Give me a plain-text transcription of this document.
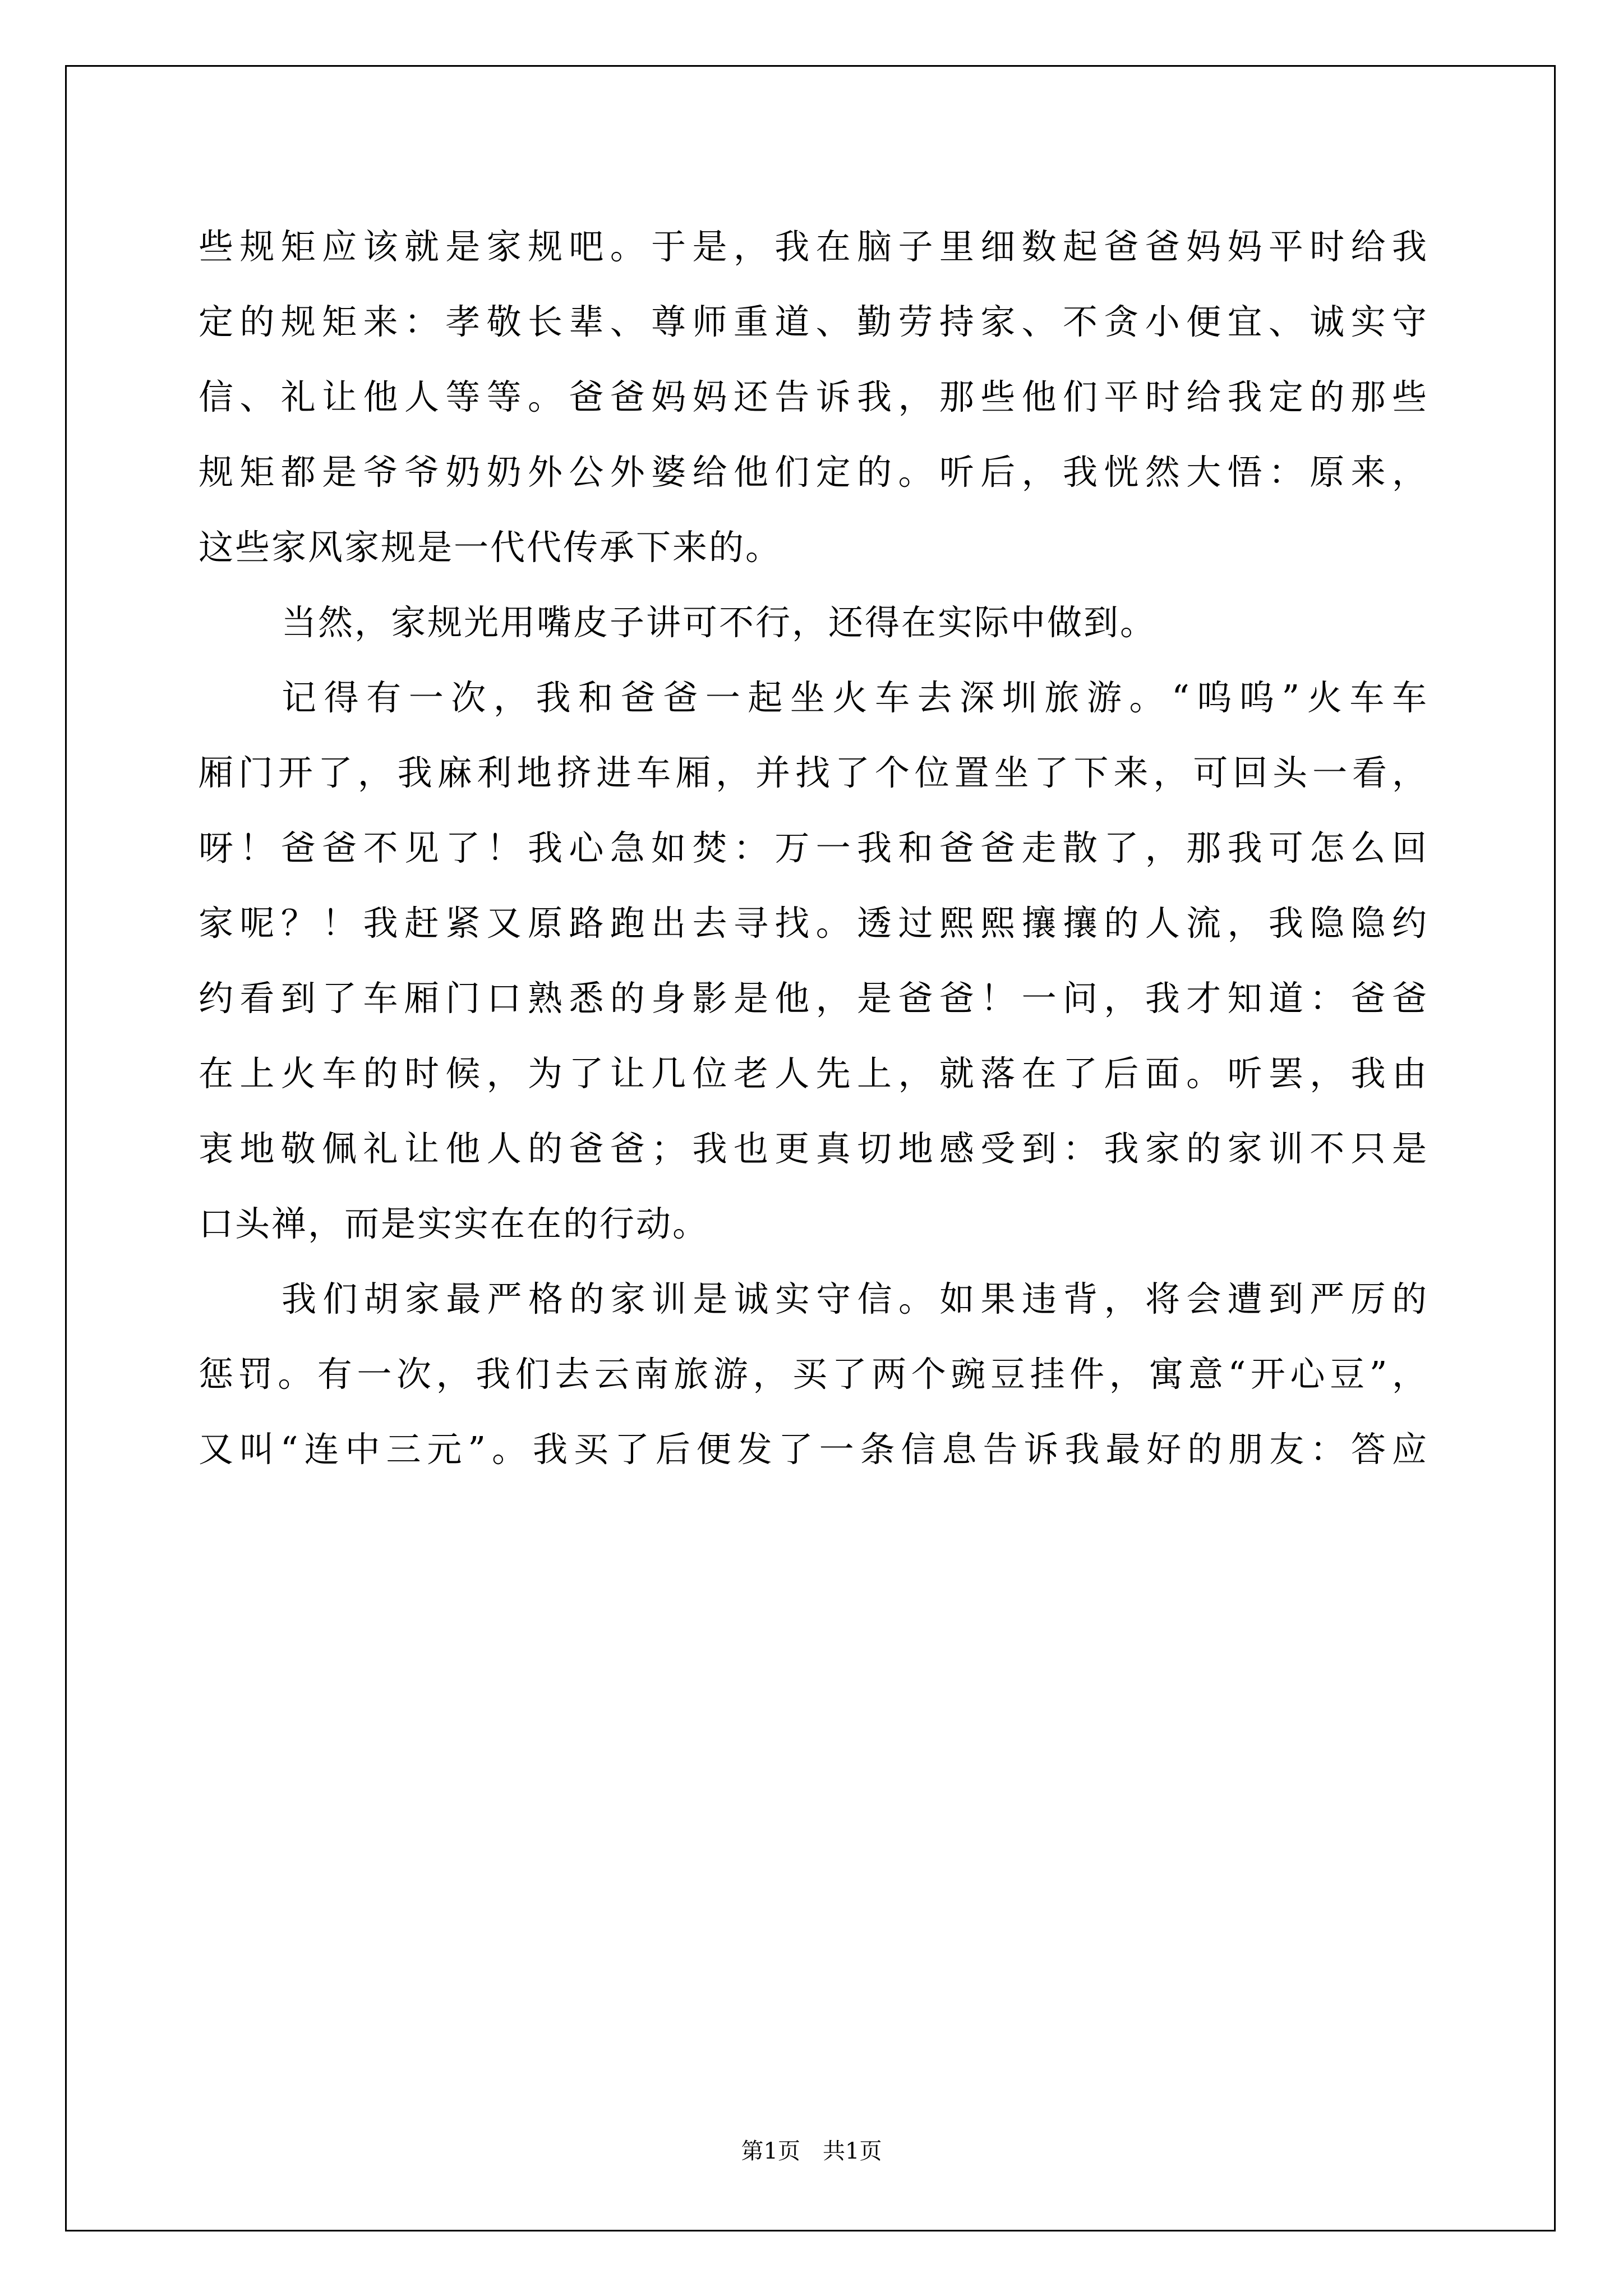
些规矩应该就是家规吧。于是，我在脑子里细数起爸爸妈妈平时给我
定的规矩来：孝敬长辈、尊师重道、勤劳持家、不贪小便宜、诚实守
信、礼让他人等等。爸爸妈妈还告诉我，那些他们平时给我定的那些
规矩都是爷爷奶奶外公外婆给他们定的。听后，我恍然大悟：原来，
这些家风家规是一代代传承下来的。
当然，家规光用嘴皮子讲可不行，还得在实际中做到。
记得有一次，我和爸爸一起坐火车去深圳旅游。“呜呜”火车车
厢门开了，我麻利地挤进车厢，并找了个位置坐了下来，可回头一看，
呀！爸爸不见了！我心急如焚：万一我和爸爸走散了，那我可怎么回
家呢？！我赶紧又原路跑出去寻找。透过熙熙攘攘的人流，我隐隐约
约看到了车厢门口熟悉的身影是他，是爸爸！一问，我才知道：爸爸
在上火车的时候，为了让几位老人先上，就落在了后面。听罢，我由
衷地敬佩礼让他人的爸爸；我也更真切地感受到：我家的家训不只是
口头禅，而是实实在在的行动。
我们胡家最严格的家训是诚实守信。如果违背，将会遭到严厉的
惩罚。有一次，我们去云南旅游，买了两个豌豆挂件，寓意“开心豆”，
又叫“连中三元”。我买了后便发了一条信息告诉我最好的朋友：答应
第1页　共1页
